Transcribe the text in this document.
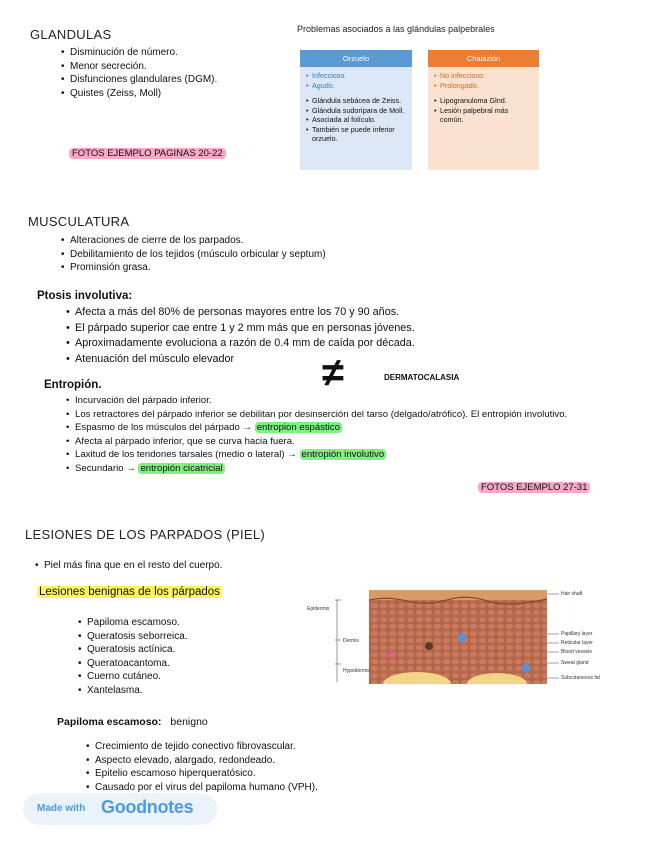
GLANDULAS
• Disminución de número.
• Menor secreción.
• Disfunciones glandulares (DGM).
• Quistes (Zeiss, Moll)
FOTOS EJEMPLO PAGINAS 20-22
Problemas asociados a las glándulas palpebrales
Orzuelo
• Infeccioso.
• Agudo.
• Glándula sebácea de Zeiss.
• Glándula sudorípara de Moll.
• Asociada al folículo.
• También se puede inferior orzuelo.
Chalazión
• No infeccioso.
• Prolongado.
• Lipogranuloma Glnd.
• Lesión palpebral más común.
MUSCULATURA
• Alteraciones de cierre de los parpados.
• Debilitamiento de los tejidos (músculo orbicular y septum)
• Prominsión grasa.
Ptosis involutiva:
• Afecta a más del 80% de personas mayores entre los 70 y 90 años.
• El párpado superior cae entre 1 y 2 mm más que en personas jóvenes.
• Aproximadamente evoluciona a razón de 0.4 mm de caída por década.
• Atenuación del músculo elevador	≠	DERMATOCALASIA
Entropión.
• Incurvación del párpado inferior.
• Los retractores del párpado inferior se debilitan por desinserción del tarso (delgado/atrófico). El entropión involutivo.
• Espasmo de los músculos del párpado → entropion espástico
• Afecta al párpado inferior, que se curva hacia fuera.
• Laxitud de los tendones tarsales (medio o lateral) → entropión involutivo
• Secundario → entropión cicatricial
FOTOS EJEMPLO 27-31
LESIONES DE LOS PARPADOS (PIEL)
• Piel más fina que en el resto del cuerpo.
Lesiones benignas de los párpados
• Papiloma escamoso.
• Queratosis seborreica.
• Queratosis actínica.
• Queratoacantoma.
• Cuerno cutáneo.
• Xantelasma.
Epidermis
Dermis
Hypodermis
Hair shaft
Papillary layer
Reticular layer
Blood vessels
Sweat gland
Subcutaneous fat
Papiloma escamoso: benigno
• Crecimiento de tejido conectivo fibrovascular.
• Aspecto elevado, alargado, redondeado.
• Epitelio escamoso hiperqueratósico.
• Causado por el virus del papiloma humano (VPH).
Made with Goodnotes
